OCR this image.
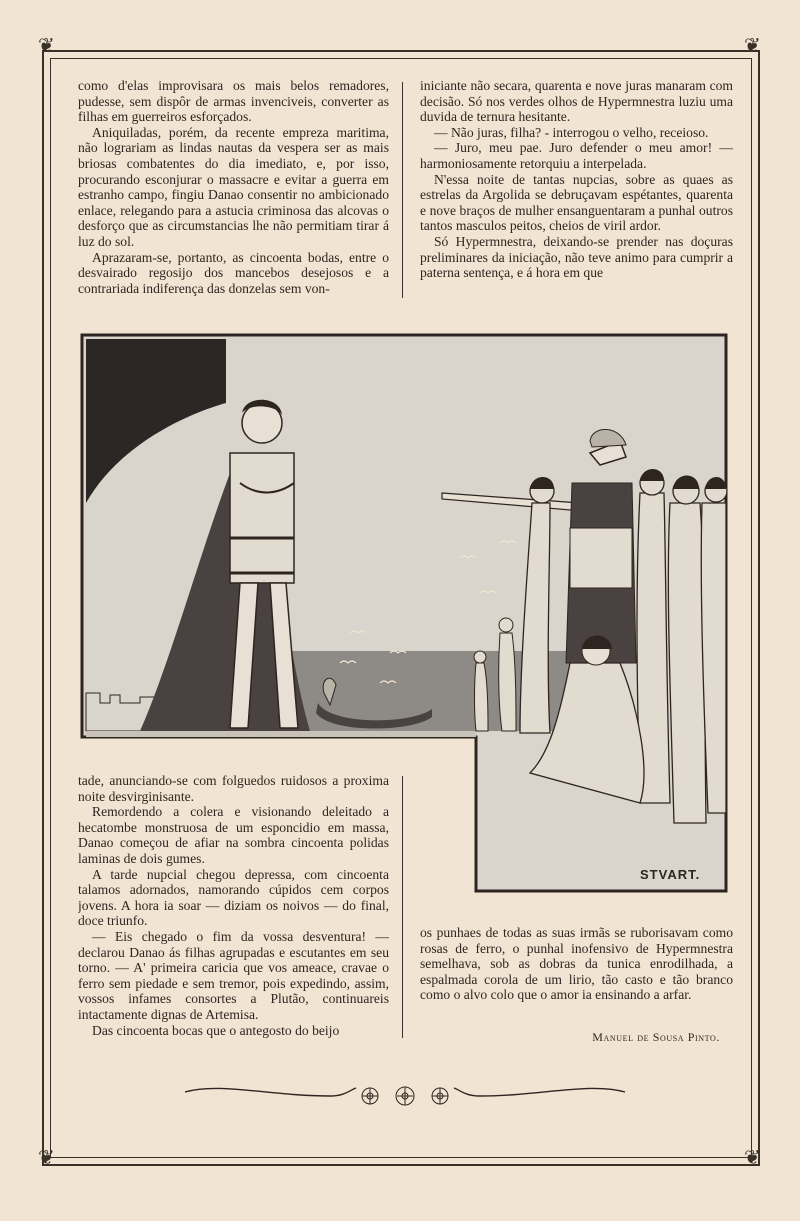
❦	❦
❦	❦

como d'elas improvisara os mais belos remadores, pudesse, sem dispôr de armas invenciveis, converter as filhas em guerreiros esforçados.

Aniquiladas, porém, da recente empreza maritima, não lograriam as lindas nautas da vespera ser as mais briosas combatentes do dia imediato, e, por isso, procurando esconjurar o massacre e evitar a guerra em estranho campo, fingiu Danao consentir no ambicionado enlace, relegando para a astucia criminosa das alcovas o desforço que as circumstancias lhe não permitiam tirar á luz do sol.

Aprazaram-se, portanto, as cincoenta bodas, entre o desvairado regosijo dos mancebos desejosos e a contrariada indiferença das donzelas sem von-

iniciante não secara, quarenta e nove juras manaram com decisão. Só nos verdes olhos de Hypermnestra luziu uma duvida de ternura hesitante.

— Não juras, filha? - interrogou o velho, receioso.

— Juro, meu pae. Juro defender o meu amor! — harmoniosamente retorquiu a interpelada.

N'essa noite de tantas nupcias, sobre as quaes as estrelas da Argolida se debruçavam espétantes, quarenta e nove braços de mulher ensanguentaram a punhal outros tantos masculos peitos, cheios de viril ardor.

Só Hypermnestra, deixando-se prender nas doçuras preliminares da iniciação, não teve animo para cumprir a paterna sentença, e á hora em que

STVART.

tade, anunciando-se com folguedos ruidosos a proxima noite desvirginisante.

Remordendo a colera e visionando deleitado a hecatombe monstruosa de um esponcidio em massa, Danao começou de afiar na sombra cincoenta polidas laminas de dois gumes.

A tarde nupcial chegou depressa, com cincoenta talamos adornados, namorando cúpidos cem corpos jovens. A hora ia soar — diziam os noivos — do final, doce triunfo.

— Eis chegado o fim da vossa desventura! — declarou Danao ás filhas agrupadas e escutantes em seu torno. — A' primeira caricia que vos ameace, cravae o ferro sem piedade e sem tremor, pois expedindo, assim, vossos infames consortes a Plutão, continuareis intactamente dignas de Artemisa.

Das cincoenta bocas que o antegosto do beijo

os punhaes de todas as suas irmãs se ruborisavam como rosas de ferro, o punhal inofensivo de Hypermnestra semelhava, sob as dobras da tunica enrodilhada, a espalmada corola de um lirio, tão casto e tão branco como o alvo colo que o amor ia ensinando a arfar.

Manuel de Sousa Pinto.
